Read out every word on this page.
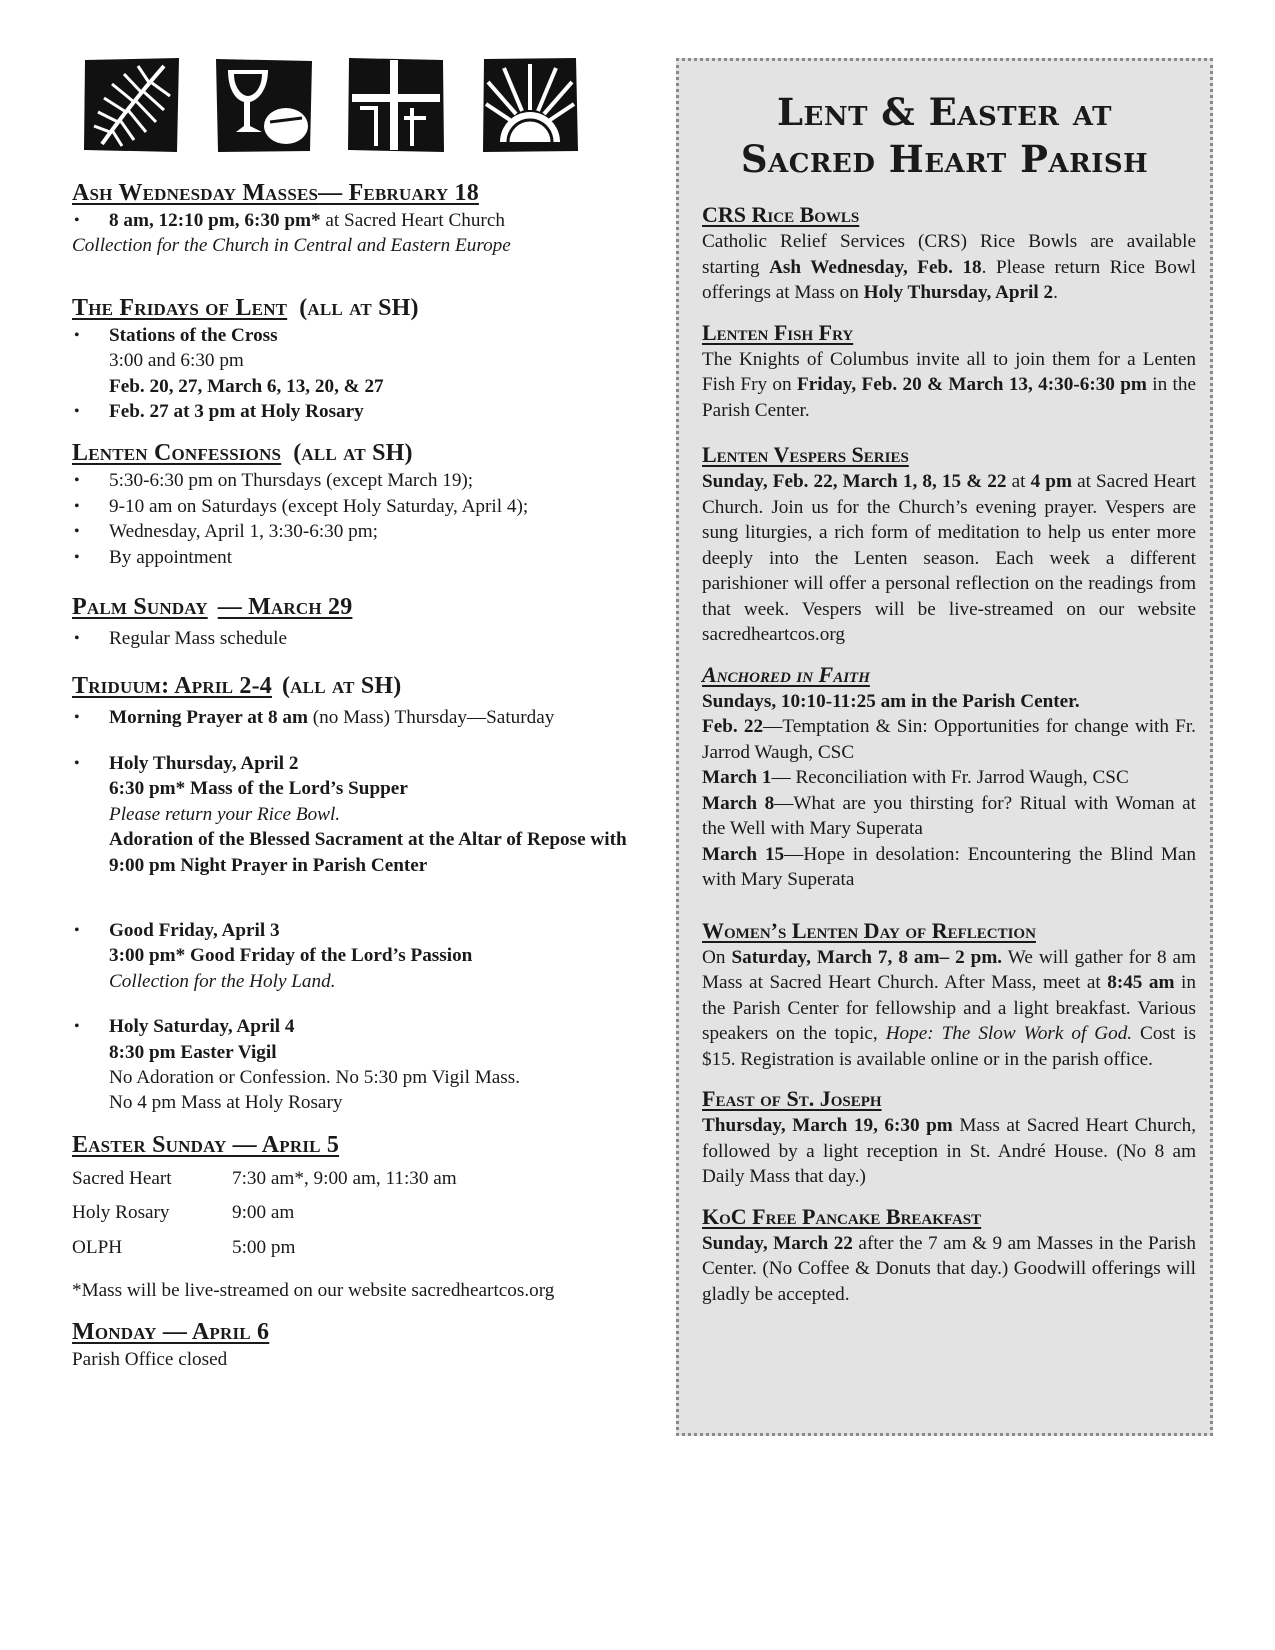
Ash Wednesday Masses— February 18
• 8 am, 12:10 pm, 6:30 pm* at Sacred Heart Church
Collection for the Church in Central and Eastern Europe
The Fridays of Lent (all at SH)
• Stations of the Cross
3:00 and 6:30 pm
Feb. 20, 27, March 6, 13, 20, & 27
• Feb. 27 at 3 pm at Holy Rosary
Lenten Confessions (all at SH)
• 5:30-6:30 pm on Thursdays (except March 19);
• 9-10 am on Saturdays (except Holy Saturday, April 4);
• Wednesday, April 1, 3:30-6:30 pm;
• By appointment
Palm Sunday — March 29
• Regular Mass schedule
Triduum: April 2-4 (all at SH)
• Morning Prayer at 8 am (no Mass) Thursday—Saturday
• Holy Thursday, April 2
6:30 pm* Mass of the Lord’s Supper
Please return your Rice Bowl.
Adoration of the Blessed Sacrament at the Altar of Repose with 9:00 pm Night Prayer in Parish Center
• Good Friday, April 3
3:00 pm* Good Friday of the Lord’s Passion
Collection for the Holy Land.
• Holy Saturday, April 4
8:30 pm Easter Vigil
No Adoration or Confession. No 5:30 pm Vigil Mass.
No 4 pm Mass at Holy Rosary
Easter Sunday — April 5
Sacred Heart	7:30 am*, 9:00 am, 11:30 am
Holy Rosary	9:00 am
OLPH	5:00 pm
*Mass will be live-streamed on our website sacredheartcos.org
Monday — April 6
Parish Office closed
Lent & Easter at
Sacred Heart Parish
CRS Rice Bowls

Catholic Relief Services (CRS) Rice Bowls are available starting Ash Wednesday, Feb. 18. Please return Rice Bowl offerings at Mass on Holy Thursday, April 2.

Lenten Fish Fry

The Knights of Columbus invite all to join them for a Lenten Fish Fry on Friday, Feb. 20 & March 13, 4:30-6:30 pm in the Parish Center.

Lenten Vespers Series

Sunday, Feb. 22, March 1, 8, 15 & 22 at 4 pm at Sacred Heart Church. Join us for the Church’s evening prayer. Vespers are sung liturgies, a rich form of meditation to help us enter more deeply into the Lenten season. Each week a different parishioner will offer a personal reflection on the readings from that week. Vespers will be live-streamed on our website sacredheartcos.org

Anchored in Faith

Sundays, 10:10-11:25 am in the Parish Center.

Feb. 22—Temptation & Sin: Opportunities for change with Fr. Jarrod Waugh, CSC

March 1— Reconciliation with Fr. Jarrod Waugh, CSC

March 8—What are you thirsting for? Ritual with Woman at the Well with Mary Superata

March 15—Hope in desolation: Encountering the Blind Man with Mary Superata

Women’s Lenten Day of Reflection

On Saturday, March 7, 8 am– 2 pm. We will gather for 8 am Mass at Sacred Heart Church. After Mass, meet at 8:45 am in the Parish Center for fellowship and a light breakfast. Various speakers on the topic, Hope: The Slow Work of God. Cost is $15. Registration is available online or in the parish office.

Feast of St. Joseph

Thursday, March 19, 6:30 pm Mass at Sacred Heart Church, followed by a light reception in St. André House. (No 8 am Daily Mass that day.)

KoC Free Pancake Breakfast

Sunday, March 22 after the 7 am & 9 am Masses in the Parish Center. (No Coffee & Donuts that day.) Goodwill offerings will gladly be accepted.
